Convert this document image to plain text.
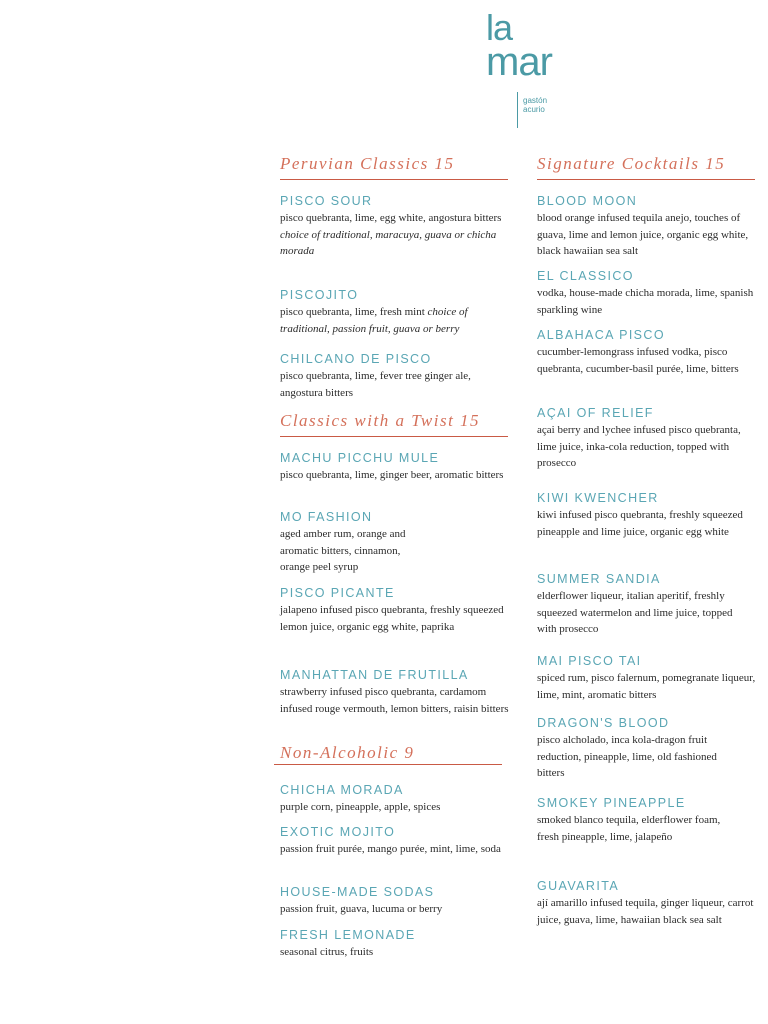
la
mar
gastón
acurio
Peruvian Classics 15
PISCO SOUR
pisco quebranta, lime, egg white, angostura bitters
choice of traditional, maracuya, guava or chicha morada
PISCOJITO
pisco quebranta, lime, fresh mint choice of traditional, passion fruit, guava or berry
CHILCANO DE PISCO
pisco quebranta, lime, fever tree ginger ale, angostura bitters
Classics with a Twist 15
MACHU PICCHU MULE
pisco quebranta, lime, ginger beer, aromatic bitters
MO FASHION
aged amber rum, orange and aromatic bitters, cinnamon, orange peel syrup
PISCO PICANTE
jalapeno infused pisco quebranta, freshly squeezed lemon juice, organic egg white, paprika
MANHATTAN DE FRUTILLA
strawberry infused pisco quebranta, cardamom infused rouge vermouth, lemon bitters, raisin bitters
Non-Alcoholic 9
CHICHA MORADA
purple corn, pineapple, apple, spices
EXOTIC MOJITO
passion fruit purée, mango purée, mint, lime, soda
HOUSE-MADE SODAS
passion fruit, guava, lucuma or berry
FRESH LEMONADE
seasonal citrus, fruits
Signature Cocktails 15
BLOOD MOON
blood orange infused tequila anejo, touches of guava, lime and lemon juice, organic egg white, black hawaiian sea salt
EL CLASSICO
vodka, house-made chicha morada, lime, spanish sparkling wine
ALBAHACA PISCO
cucumber-lemongrass infused vodka, pisco quebranta, cucumber-basil purée, lime, bitters
AÇAI OF RELIEF
açai berry and lychee infused pisco quebranta, lime juice, inka-cola reduction, topped with prosecco
KIWI KWENCHER
kiwi infused pisco quebranta, freshly squeezed pineapple and lime juice, organic egg white
SUMMER SANDIA
elderflower liqueur, italian aperitif, freshly squeezed watermelon and lime juice, topped with prosecco
MAI PISCO TAI
spiced rum, pisco falernum, pomegranate liqueur, lime, mint, aromatic bitters
DRAGON'S BLOOD
pisco alcholado, inca kola-dragon fruit reduction, pineapple, lime, old fashioned bitters
SMOKEY PINEAPPLE
smoked blanco tequila, elderflower foam, fresh pineapple, lime, jalapeño
GUAVARITA
ají amarillo infused tequila, ginger liqueur, carrot juice, guava, lime, hawaiian black sea salt
